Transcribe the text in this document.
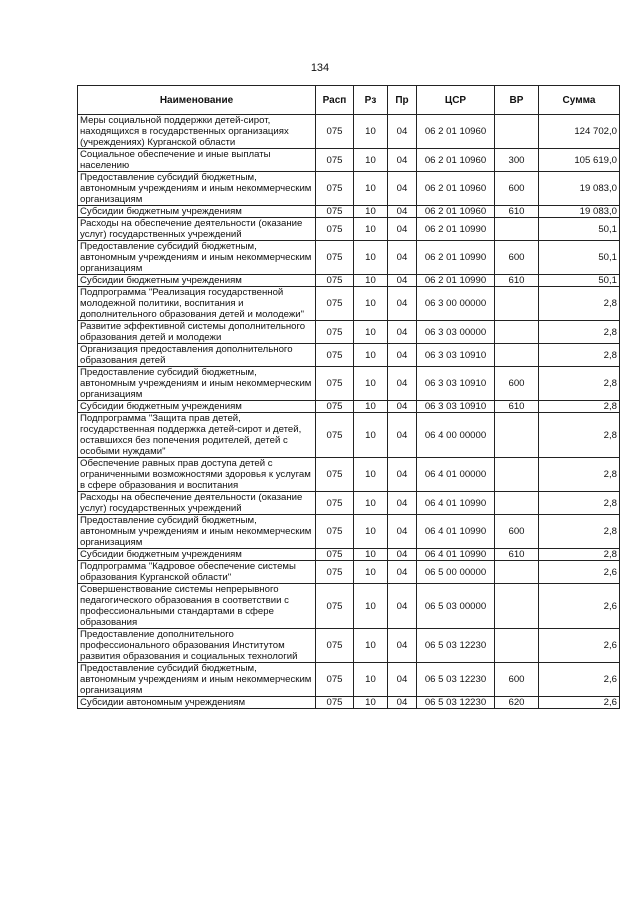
134
Наименование	Расп	Рз	Пр	ЦСР	ВР	Сумма
Меры социальной поддержки детей-сирот, находящихся в государственных организациях (учреждениях) Курганской области	075	10	04	06 2 01 10960		124 702,0
Социальное обеспечение и иные выплаты населению	075	10	04	06 2 01 10960	300	105 619,0
Предоставление субсидий бюджетным, автономным учреждениям и иным некоммерческим организациям	075	10	04	06 2 01 10960	600	19 083,0
Субсидии бюджетным учреждениям	075	10	04	06 2 01 10960	610	19 083,0
Расходы на обеспечение деятельности (оказание услуг) государственных учреждений	075	10	04	06 2 01 10990		50,1
Предоставление субсидий бюджетным, автономным учреждениям и иным некоммерческим организациям	075	10	04	06 2 01 10990	600	50,1
Субсидии бюджетным учреждениям	075	10	04	06 2 01 10990	610	50,1
Подпрограмма "Реализация государственной молодежной политики, воспитания и дополнительного образования детей и молодежи"	075	10	04	06 3 00 00000		2,8
Развитие эффективной системы дополнительного образования детей и молодежи	075	10	04	06 3 03 00000		2,8
Организация предоставления дополнительного образования детей	075	10	04	06 3 03 10910		2,8
Предоставление субсидий бюджетным, автономным учреждениям и иным некоммерческим организациям	075	10	04	06 3 03 10910	600	2,8
Субсидии бюджетным учреждениям	075	10	04	06 3 03 10910	610	2,8
Подпрограмма "Защита прав детей, государственная поддержка детей-сирот и детей, оставшихся без попечения родителей, детей с особыми нуждами"	075	10	04	06 4 00 00000		2,8
Обеспечение равных прав доступа детей с ограниченными возможностями здоровья к услугам в сфере образования и воспитания	075	10	04	06 4 01 00000		2,8
Расходы на обеспечение деятельности (оказание услуг) государственных учреждений	075	10	04	06 4 01 10990		2,8
Предоставление субсидий бюджетным, автономным учреждениям и иным некоммерческим организациям	075	10	04	06 4 01 10990	600	2,8
Субсидии бюджетным учреждениям	075	10	04	06 4 01 10990	610	2,8
Подпрограмма "Кадровое обеспечение системы образования Курганской области"	075	10	04	06 5 00 00000		2,6
Совершенствование системы непрерывного педагогического образования в соответствии с профессиональными стандартами в сфере образования	075	10	04	06 5 03 00000		2,6
Предоставление дополнительного профессионального образования Институтом развития образования и социальных технологий	075	10	04	06 5 03 12230		2,6
Предоставление субсидий бюджетным, автономным учреждениям и иным некоммерческим организациям	075	10	04	06 5 03 12230	600	2,6
Субсидии автономным учреждениям	075	10	04	06 5 03 12230	620	2,6
